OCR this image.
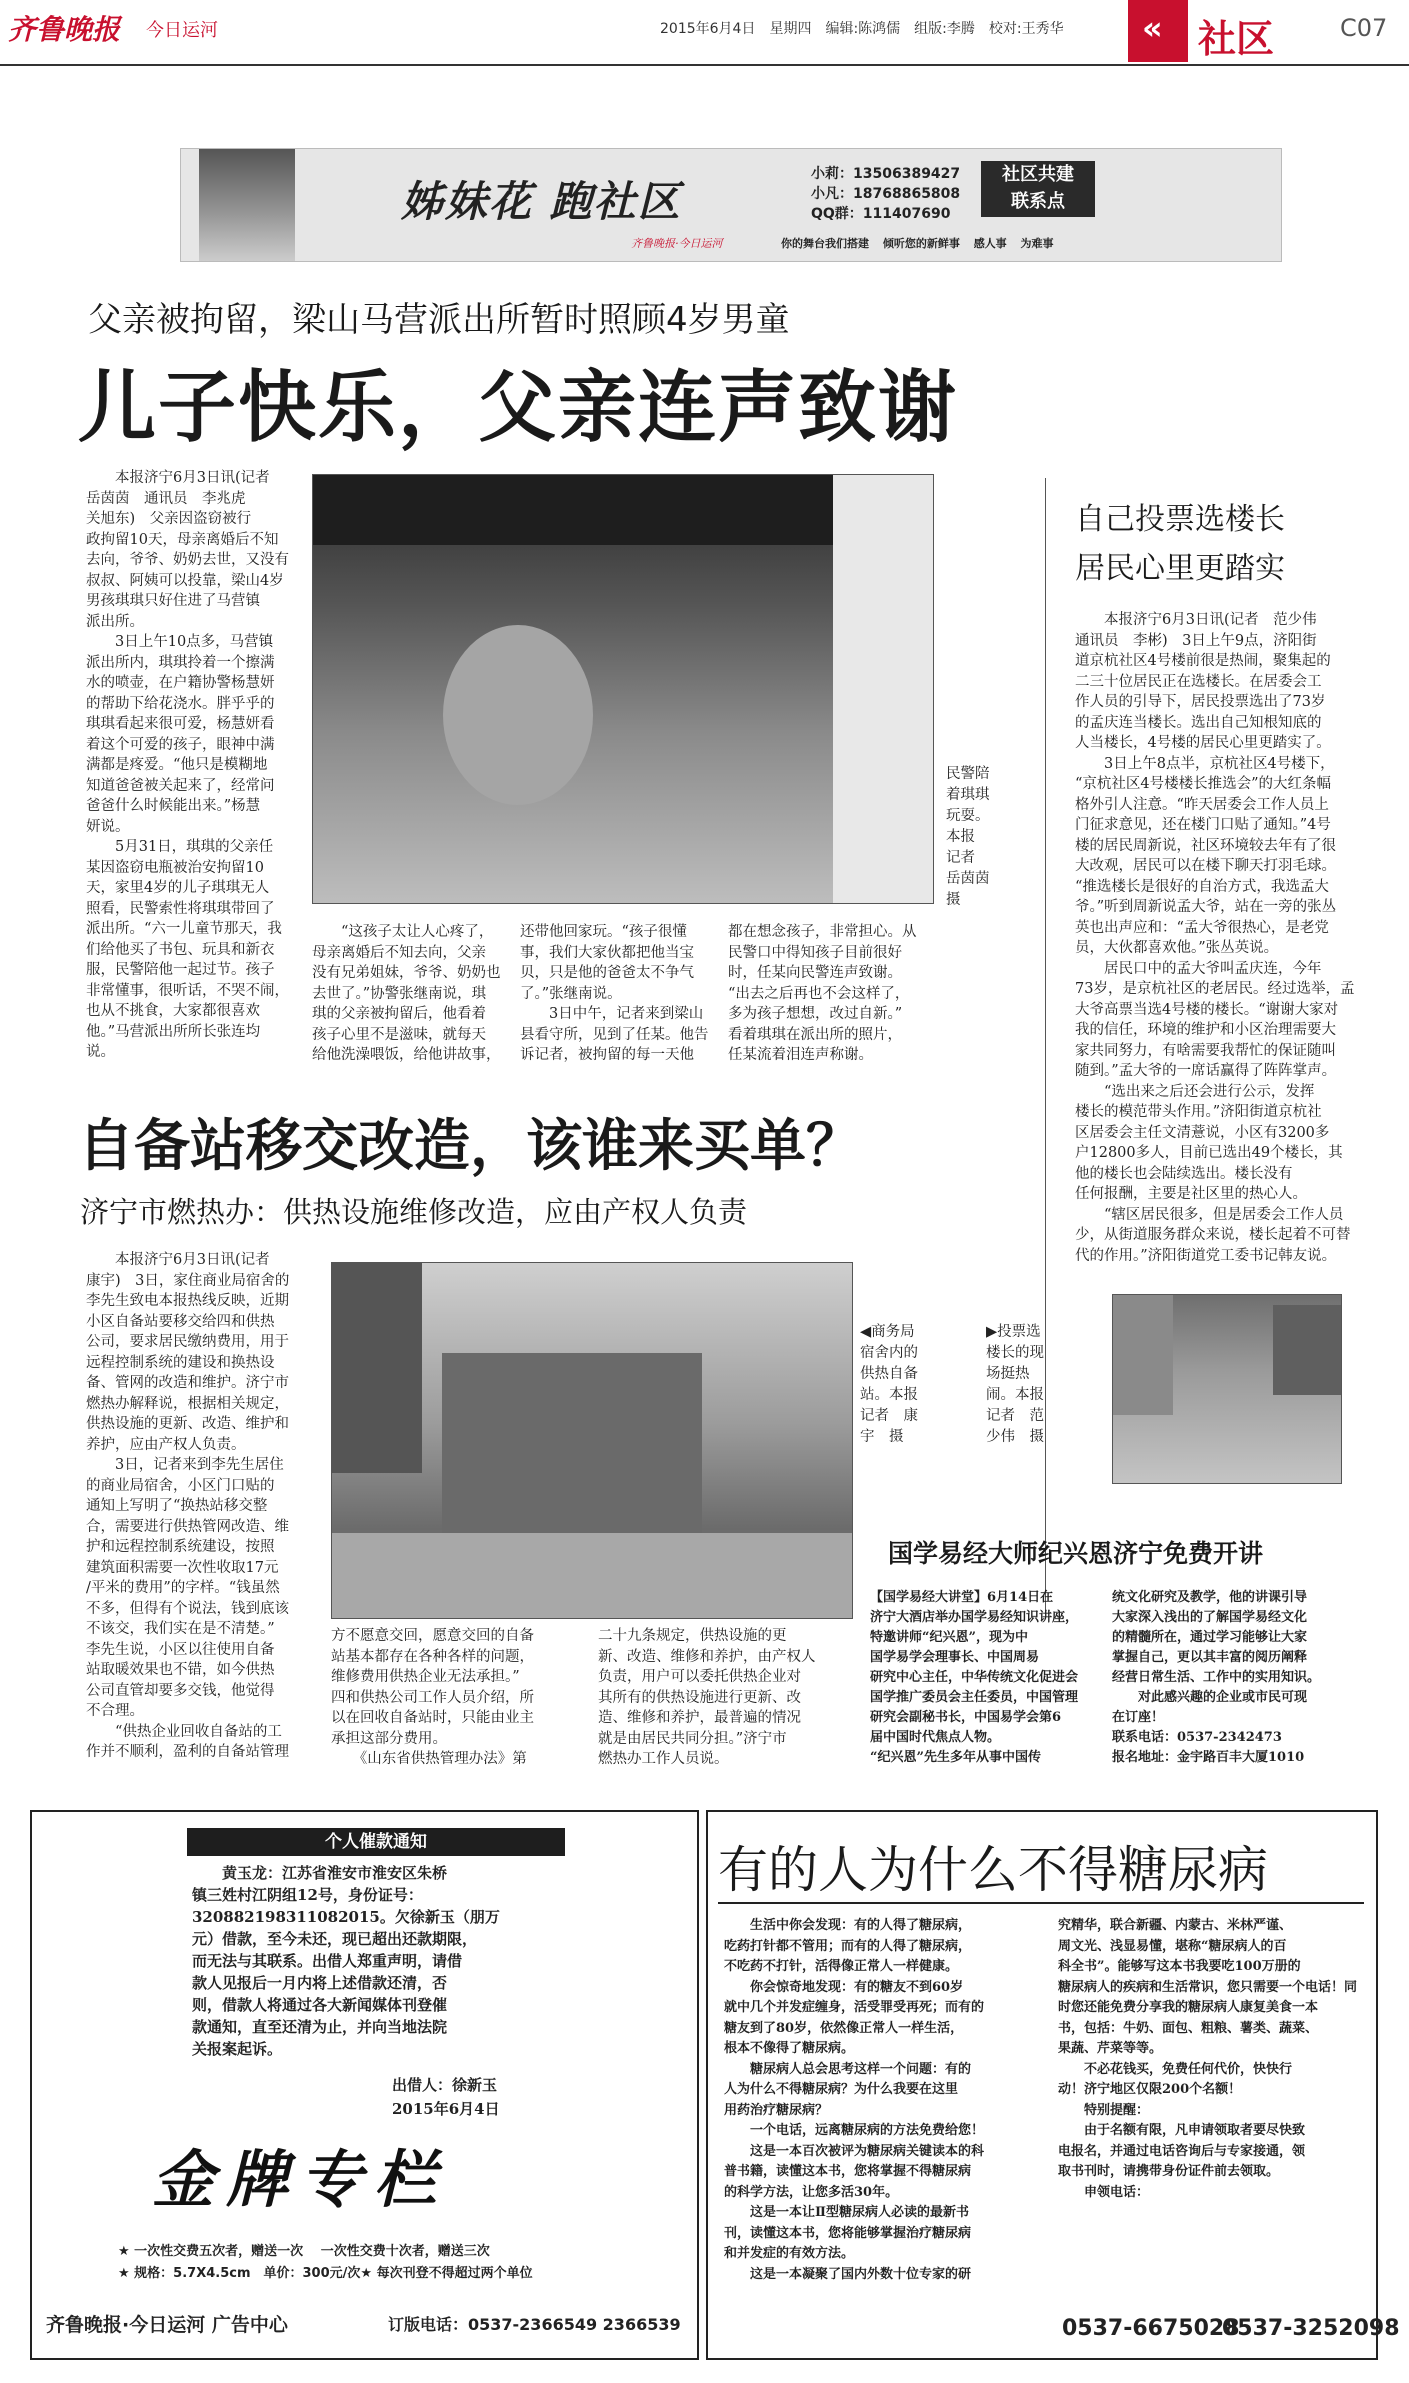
齐鲁晚报 今日运河	2015年6月4日　星期四　编辑:陈鸿儒　组版:李腾　校对:王秀华 « 社区	C07
姊妹花 跑社区
小莉：13506389427
小凡：18768865808
QQ群：111407690
社区共建
联系点
齐鲁晚报·今日运河	你的舞台我们搭建 倾听您的新鲜事 感人事 为难事
父亲被拘留，梁山马营派出所暂时照顾4岁男童
儿子快乐，父亲连声致谢
　　本报济宁6月3日讯(记者
岳茵茵　通讯员　李兆虎
关旭东)　父亲因盗窃被行
政拘留10天，母亲离婚后不知
去向，爷爷、奶奶去世，又没有
叔叔、阿姨可以投靠，梁山4岁
男孩琪琪只好住进了马营镇
派出所。
　　3日上午10点多，马营镇
派出所内，琪琪拎着一个擦满
水的喷壶，在户籍协警杨慧妍
的帮助下给花浇水。胖乎乎的
琪琪看起来很可爱，杨慧妍看
着这个可爱的孩子，眼神中满
满都是疼爱。“他只是模糊地
知道爸爸被关起来了，经常问
爸爸什么时候能出来。”杨慧
妍说。
　　5月31日，琪琪的父亲任
某因盗窃电瓶被治安拘留10
天，家里4岁的儿子琪琪无人
照看，民警索性将琪琪带回了
派出所。“六一儿童节那天，我
们给他买了书包、玩具和新衣
服，民警陪他一起过节。孩子
非常懂事，很听话，不哭不闹，
也从不挑食，大家都很喜欢
他。”马营派出所所长张连均
说。
民警陪
着琪琪
玩耍。
本报
记者
岳茵茵
摄
　　“这孩子太让人心疼了，
母亲离婚后不知去向，父亲
没有兄弟姐妹，爷爷、奶奶也
去世了。”协警张继南说，琪
琪的父亲被拘留后，他看着
孩子心里不是滋味，就每天
给他洗澡喂饭，给他讲故事，
还带他回家玩。“孩子很懂
事，我们大家伙都把他当宝
贝，只是他的爸爸太不争气
了。”张继南说。
　　3日中午，记者来到梁山
县看守所，见到了任某。他告
诉记者，被拘留的每一天他
都在想念孩子，非常担心。从
民警口中得知孩子目前很好
时，任某向民警连声致谢。
“出去之后再也不会这样了，
多为孩子想想，改过自新。”
看着琪琪在派出所的照片，
任某流着泪连声称谢。
自己投票选楼长
居民心里更踏实
　　本报济宁6月3日讯(记者　范少伟
通讯员　李彬)　3日上午9点，济阳街
道京杭社区4号楼前很是热闹，聚集起的
二三十位居民正在选楼长。在居委会工
作人员的引导下，居民投票选出了73岁
的孟庆连当楼长。选出自己知根知底的
人当楼长，4号楼的居民心里更踏实了。
　　3日上午8点半，京杭社区4号楼下，
“京杭社区4号楼楼长推选会”的大红条幅
格外引人注意。“昨天居委会工作人员上
门征求意见，还在楼门口贴了通知。”4号
楼的居民周新说，社区环境较去年有了很
大改观，居民可以在楼下聊天打羽毛球。
“推选楼长是很好的自治方式，我选孟大
爷。”听到周新说孟大爷，站在一旁的张丛
英也出声应和：“孟大爷很热心，是老党
员，大伙都喜欢他。”张丛英说。
　　居民口中的孟大爷叫孟庆连，今年
73岁，是京杭社区的老居民。经过选举，孟
大爷高票当选4号楼的楼长。“谢谢大家对
我的信任，环境的维护和小区治理需要大
家共同努力，有啥需要我帮忙的保证随叫
随到。”孟大爷的一席话赢得了阵阵掌声。
　　“选出来之后还会进行公示，发挥
楼长的模范带头作用。”济阳街道京杭社
区居委会主任文清薏说，小区有3200多
户12800多人，目前已选出49个楼长，其
他的楼长也会陆续选出。楼长没有
任何报酬，主要是社区里的热心人。
　　“辖区居民很多，但是居委会工作人员
少，从街道服务群众来说，楼长起着不可替
代的作用。”济阳街道党工委书记韩友说。
▶投票选
楼长的现
场挺热
闹。本报
记者　范
少伟　摄
自备站移交改造，该谁来买单？
济宁市燃热办：供热设施维修改造，应由产权人负责
　　本报济宁6月3日讯(记者
康宇)　3日，家住商业局宿舍的
李先生致电本报热线反映，近期
小区自备站要移交给四和供热
公司，要求居民缴纳费用，用于
远程控制系统的建设和换热设
备、管网的改造和维护。济宁市
燃热办解释说，根据相关规定，
供热设施的更新、改造、维护和
养护，应由产权人负责。
　　3日，记者来到李先生居住
的商业局宿舍，小区门口贴的
通知上写明了“换热站移交整
合，需要进行供热管网改造、维
护和远程控制系统建设，按照
建筑面积需要一次性收取17元
/平米的费用”的字样。“钱虽然
不多，但得有个说法，钱到底该
不该交，我们实在是不清楚。”
李先生说，小区以往使用自备
站取暖效果也不错，如今供热
公司直管却要多交钱，他觉得
不合理。
　　“供热企业回收自备站的工
作并不顺利，盈利的自备站管理
◀商务局
宿舍内的
供热自备
站。本报
记者　康
宇　摄
方不愿意交回，愿意交回的自备
站基本都存在各种各样的问题，
维修费用供热企业无法承担。”
四和供热公司工作人员介绍，所
以在回收自备站时，只能由业主
承担这部分费用。
　　《山东省供热管理办法》第
二十九条规定，供热设施的更
新、改造、维修和养护，由产权人
负责，用户可以委托供热企业对
其所有的供热设施进行更新、改
造、维修和养护，最普遍的情况
就是由居民共同分担。”济宁市
燃热办工作人员说。
国学易经大师纪兴恩济宁免费开讲
【国学易经大讲堂】6月14日在
济宁大酒店举办国学易经知识讲座，
特邀讲师“纪兴恩”，现为中
国学易学会理事长、中国周易
研究中心主任，中华传统文化促进会
国学推广委员会主任委员，中国管理
研究会副秘书长，中国易学会第6
届中国时代焦点人物。
“纪兴恩”先生多年从事中国传
统文化研究及教学，他的讲课引导
大家深入浅出的了解国学易经文化
的精髓所在，通过学习能够让大家
掌握自己，更以其丰富的阅历阐释
经营日常生活、工作中的实用知识。
　　对此感兴趣的企业或市民可现
在订座！
联系电话：0537-2342473
报名地址：金宇路百丰大厦1010
个人催款通知
　　黄玉龙：江苏省淮安市淮安区朱桥
镇三姓村江阴组12号，身份证号：
320882198311082015。欠徐新玉（朋万
元）借款，至今未还，现已超出还款期限，
而无法与其联系。出借人郑重声明，请借
款人见报后一月内将上述借款还清，否
则，借款人将通过各大新闻媒体刊登催
款通知，直至还清为止，并向当地法院
关报案起诉。
出借人：徐新玉
2015年6月4日
金牌专栏
★ 一次性交费五次者，赠送一次　 一次性交费十次者，赠送三次
★ 规格：5.7X4.5cm　单价：300元/次★ 每次刊登不得超过两个单位
齐鲁晚报·今日运河 广告中心	订版电话：0537-2366549 2366539
有的人为什么不得糖尿病
　　生活中你会发现：有的人得了糖尿病，
吃药打针都不管用；而有的人得了糖尿病，
不吃药不打针，活得像正常人一样健康。
　　你会惊奇地发现：有的糖友不到60岁
就中几个并发症缠身，活受罪受再死；而有的
糖友到了80岁，依然像正常人一样生活，
根本不像得了糖尿病。
　　糖尿病人总会思考这样一个问题：有的
人为什么不得糖尿病？为什么我要在这里
用药治疗糖尿病？
　　一个电话，远离糖尿病的方法免费给您！
　　这是一本百次被评为糖尿病关键读本的科
普书籍，读懂这本书，您将掌握不得糖尿病
的科学方法，让您多活30年。
　　这是一本让Ⅱ型糖尿病人必读的最新书
刊，读懂这本书，您将能够掌握治疗糖尿病
和并发症的有效方法。
　　这是一本凝聚了国内外数十位专家的研
究精华，联合新疆、内蒙古、米林严谨、
周文光、浅显易懂，堪称“糖尿病人的百
科全书”。能够写这本书我要吃100万册的
糖尿病人的疾病和生活常识，您只需要一个电话！同
时您还能免费分享我的糖尿病人康复美食一本
书，包括：牛奶、面包、粗粮、薯类、蔬菜、
果蔬、芹菜等等。
　　不必花钱买，免费任何代价，快快行
动！济宁地区仅限200个名额！
　　特别提醒：
　　由于名额有限，凡申请领取者要尽快致
电报名，并通过电话咨询后与专家接通，领
取书刊时，请携带身份证件前去领取。
　　申领电话：
0537-6675028
0537-3252098
